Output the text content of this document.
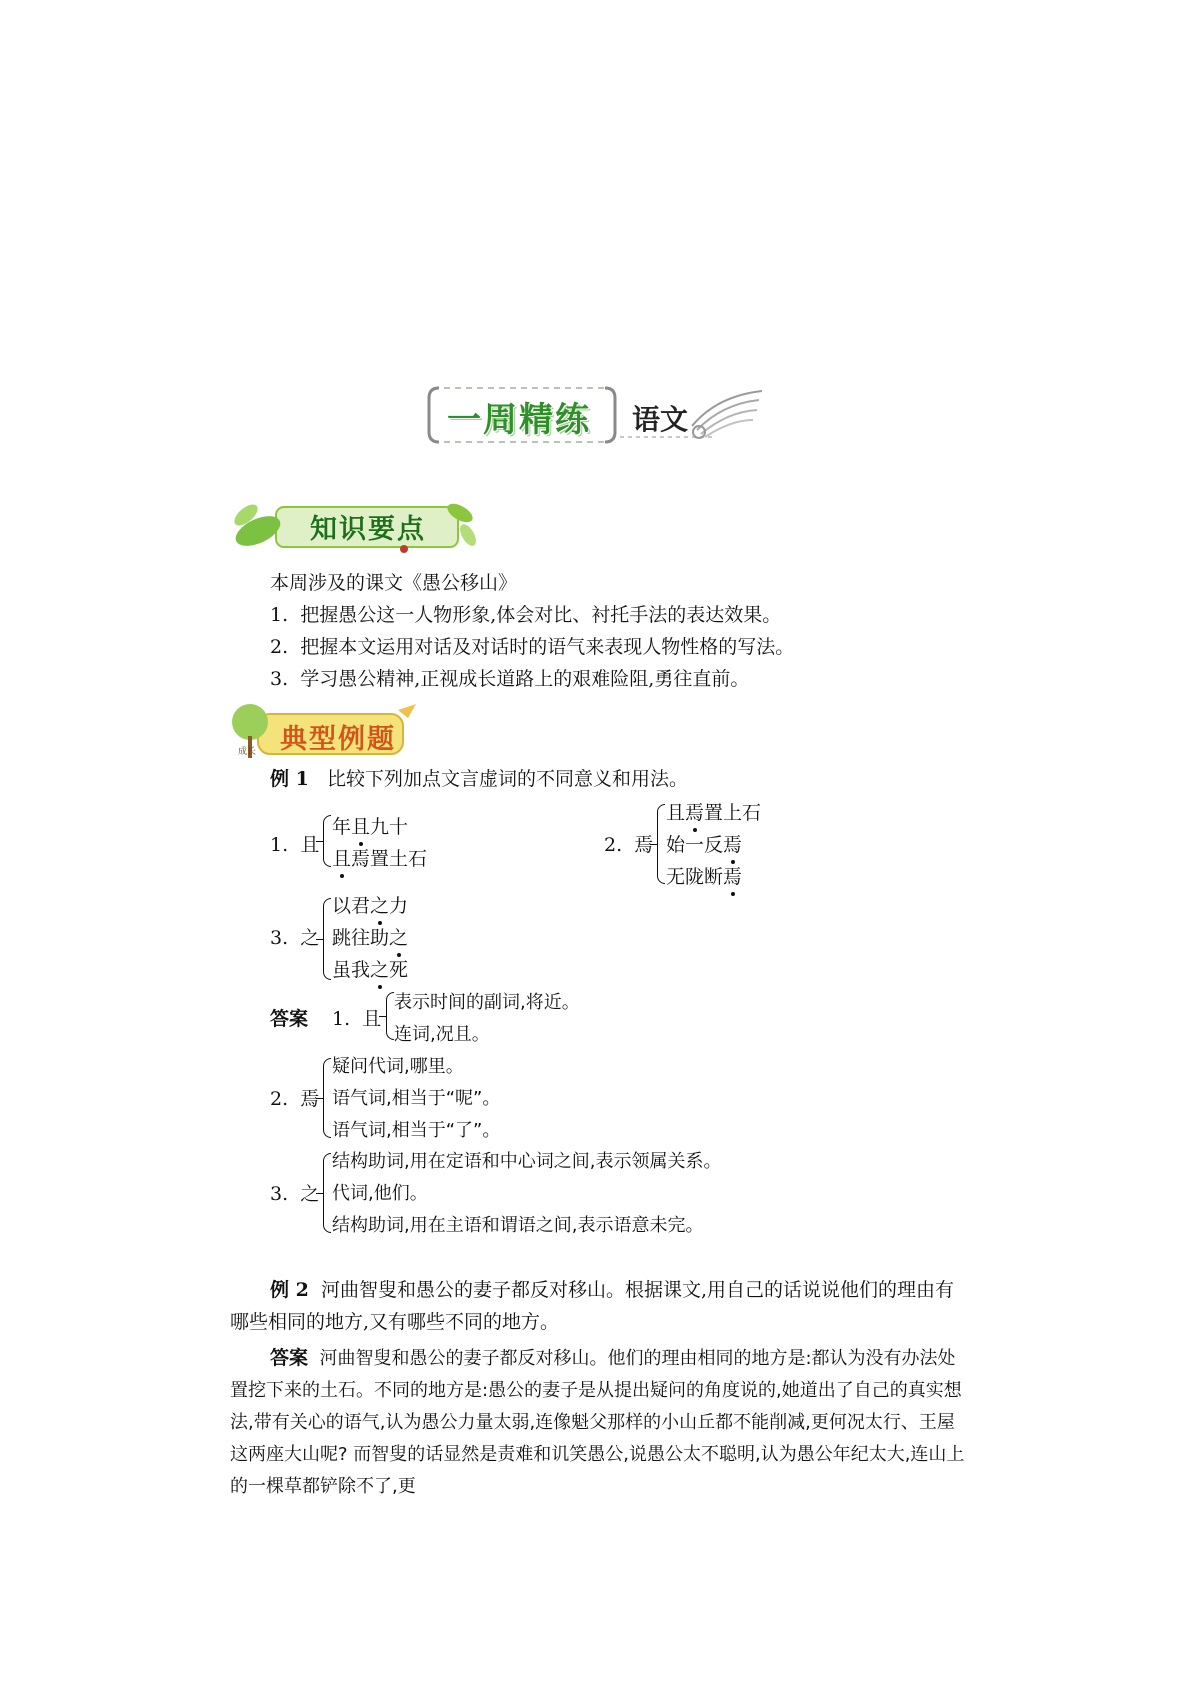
一周精练 语文
知识要点
本周涉及的课文《愚公移山》
1. 把握愚公这一人物形象,体会对比、衬托手法的表达效果。
2. 把握本文运用对话及对话时的语气来表现人物性格的写法。
3. 学习愚公精神,正视成长道路上的艰难险阻,勇往直前。
成长 典型例题
例 1 比较下列加点文言虚词的不同意义和用法。
1. 且
年且九十
且焉置土石
2. 焉
且焉置上石
始一反焉
无陇断焉
3. 之
以君之力
跳往助之
虽我之死
答案 1. 且
表示时间的副词,将近。
连词,况且。
2. 焉
疑问代词,哪里。
语气词,相当于“呢”。
语气词,相当于“了”。
3. 之
结构助词,用在定语和中心词之间,表示领属关系。
代词,他们。
结构助词,用在主语和谓语之间,表示语意未完。
例 2 河曲智叟和愚公的妻子都反对移山。根据课文,用自己的话说说他们的理由有哪些相同的地方,又有哪些不同的地方。
答案 河曲智叟和愚公的妻子都反对移山。他们的理由相同的地方是:都认为没有办法处置挖下来的土石。不同的地方是:愚公的妻子是从提出疑问的角度说的,她道出了自己的真实想法,带有关心的语气,认为愚公力量太弱,连像魁父那样的小山丘都不能削减,更何况太行、王屋这两座大山呢? 而智叟的话显然是责难和讥笑愚公,说愚公太不聪明,认为愚公年纪太大,连山上的一棵草都铲除不了,更
